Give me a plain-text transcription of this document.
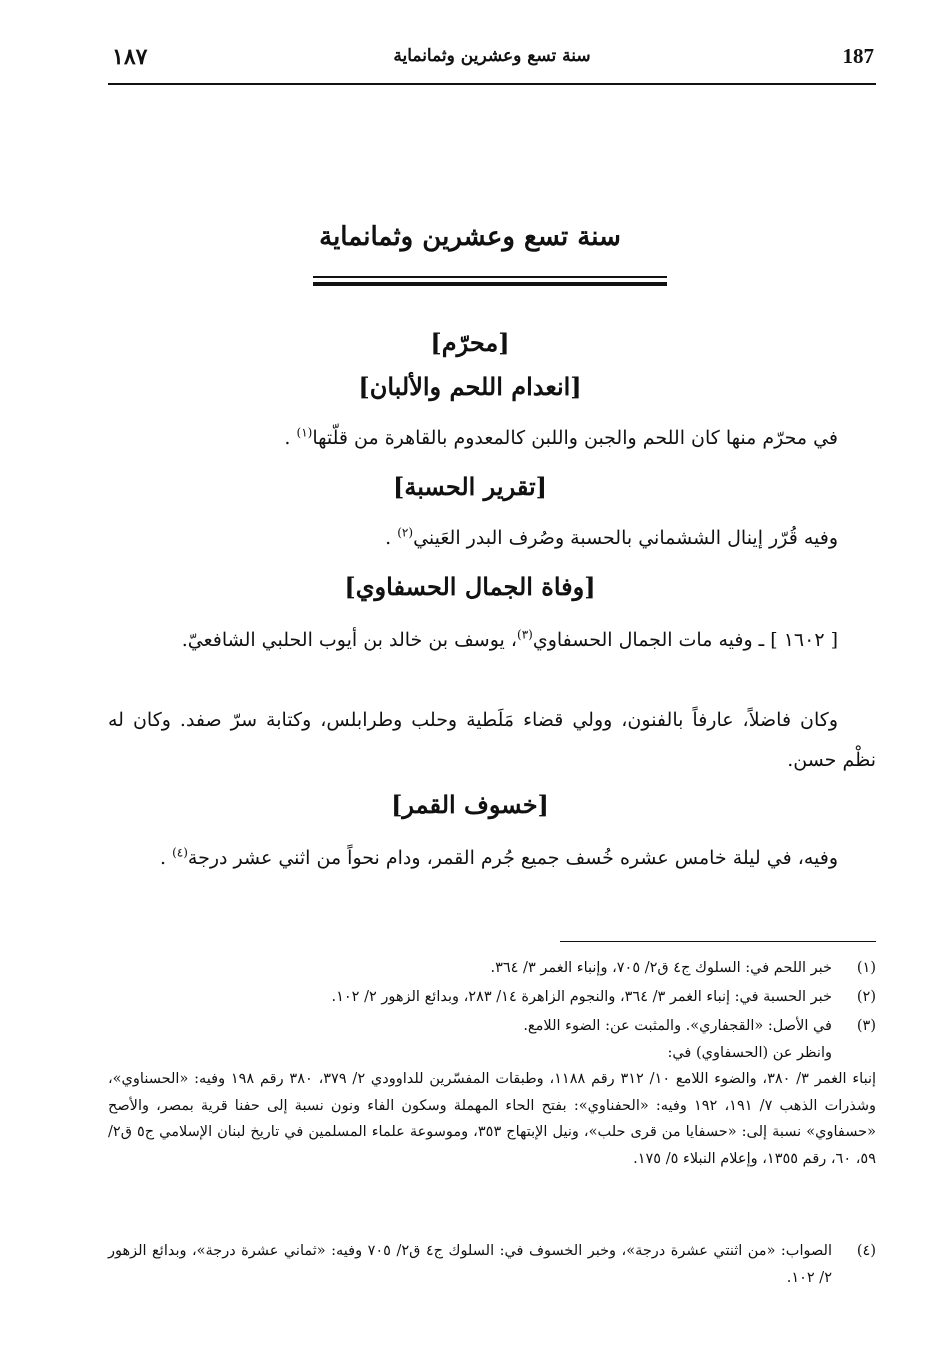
١٨٧	سنة تسع وعشرين وثمانماية	187
سنة تسع وعشرين وثمانماية
[محرّم]
[انعدام اللحم والألبان]
في محرّم منها كان اللحم والجبن واللبن كالمعدوم بالقاهرة من قلّتها$^{(١)}$ .
[تقرير الحسبة]
وفيه قُرّر إينال الششماني بالحسبة وصُرف البدر العَيني$^{(٢)}$ .
[وفاة الجمال الحسفاوي]
[ ١٦٠٢ ] ـ وفيه مات الجمال الحسفاوي$^{(٣)}$، يوسف بن خالد بن أيوب الحلبي الشافعيّ.
وكان فاضلاً، عارفاً بالفنون، وولي قضاء مَلَطية وحلب وطرابلس، وكتابة سرّ صفد. وكان له نظْم حسن.
[خسوف القمر]
وفيه، في ليلة خامس عشره خُسف جميع جُرم القمر، ودام نحواً من اثني عشر درجة$^{(٤)}$ .
(١)
خبر اللحم في: السلوك ج٤ ق٢/ ٧٠٥، وإنباء الغمر ٣/ ٣٦٤.
(٢)
خبر الحسبة في: إنباء الغمر ٣/ ٣٦٤، والنجوم الزاهرة ١٤/ ٢٨٣، وبدائع الزهور ٢/ ١٠٢.
(٣)
في الأصل: «القجفاري». والمثبت عن: الضوء اللامع.
وانظر عن (الحسفاوي) في:
إنباء الغمر ٣/ ٣٨٠، والضوء اللامع ١٠/ ٣١٢ رقم ١١٨٨، وطبقات المفسّرين للداوودي ٢/ ٣٧٩، ٣٨٠ رقم ١٩٨ وفيه: «الحسناوي»، وشذرات الذهب ٧/ ١٩١، ١٩٢ وفيه: «الحفناوي»: بفتح الحاء المهملة وسكون الفاء ونون نسبة إلى حفنا قرية بمصر، والأصح «حسفاوي» نسبة إلى: «حسفايا من قرى حلب»، ونيل الإبتهاج ٣٥٣، وموسوعة علماء المسلمين في تاريخ لبنان الإسلامي ج٥ ق٢/ ٥٩، ٦٠، رقم ١٣٥٥، وإعلام النبلاء ٥/ ١٧٥.
(٤)
الصواب: «من اثنتي عشرة درجة»، وخبر الخسوف في: السلوك ج٤ ق٢/ ٧٠٥ وفيه: «ثماني عشرة درجة»، وبدائع الزهور ٢/ ١٠٢.
